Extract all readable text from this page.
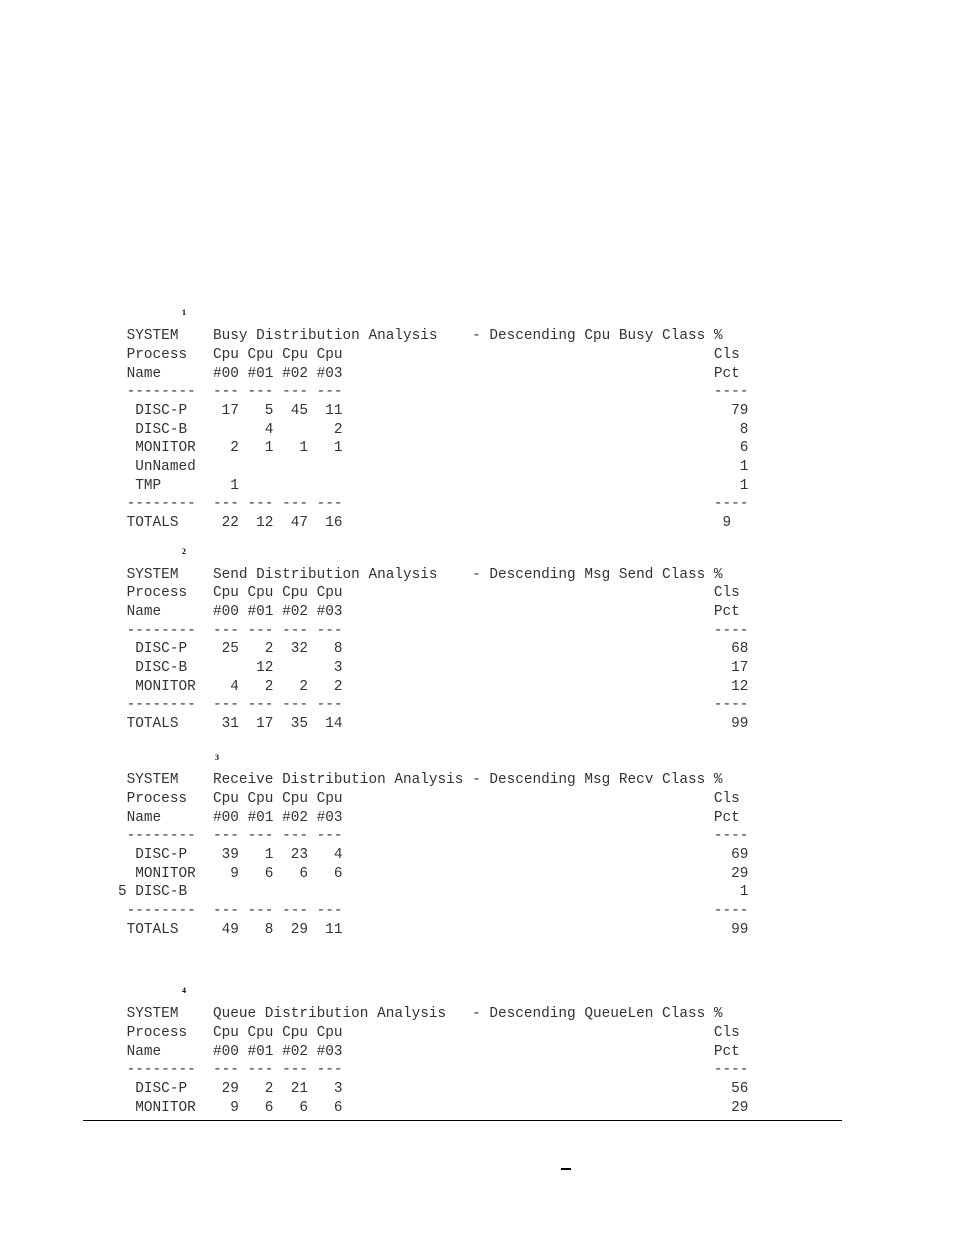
1
2
3
4
SYSTEM    Busy Distribution Analysis    - Descending Cpu Busy Class %
Process   Cpu Cpu Cpu Cpu                                           Cls
Name      #00 #01 #02 #03                                           Pct
--------  --- --- --- ---                                           ----
DISC-P    17   5  45  11                                             79
DISC-B         4       2                                              8
MONITOR    2   1   1   1                                              6
UnNamed                                                               1
TMP        1                                                          1
--------  --- --- --- ---                                           ----
TOTALS     22  12  47  16                                            9
SYSTEM    Send Distribution Analysis    - Descending Msg Send Class %
Process   Cpu Cpu Cpu Cpu                                           Cls
Name      #00 #01 #02 #03                                           Pct
--------  --- --- --- ---                                           ----
DISC-P    25   2  32   8                                             68
DISC-B        12       3                                             17
MONITOR    4   2   2   2                                             12
--------  --- --- --- ---                                           ----
TOTALS     31  17  35  14                                             99
SYSTEM    Receive Distribution Analysis - Descending Msg Recv Class %
Process   Cpu Cpu Cpu Cpu                                           Cls
Name      #00 #01 #02 #03                                           Pct
--------  --- --- --- ---                                           ----
DISC-P    39   1  23   4                                             69
MONITOR    9   6   6   6                                             29
5 DISC-B                                                                1
--------  --- --- --- ---                                           ----
TOTALS     49   8  29  11                                             99
SYSTEM    Queue Distribution Analysis   - Descending QueueLen Class %
Process   Cpu Cpu Cpu Cpu                                           Cls
Name      #00 #01 #02 #03                                           Pct
--------  --- --- --- ---                                           ----
DISC-P    29   2  21   3                                             56
MONITOR    9   6   6   6                                             29
